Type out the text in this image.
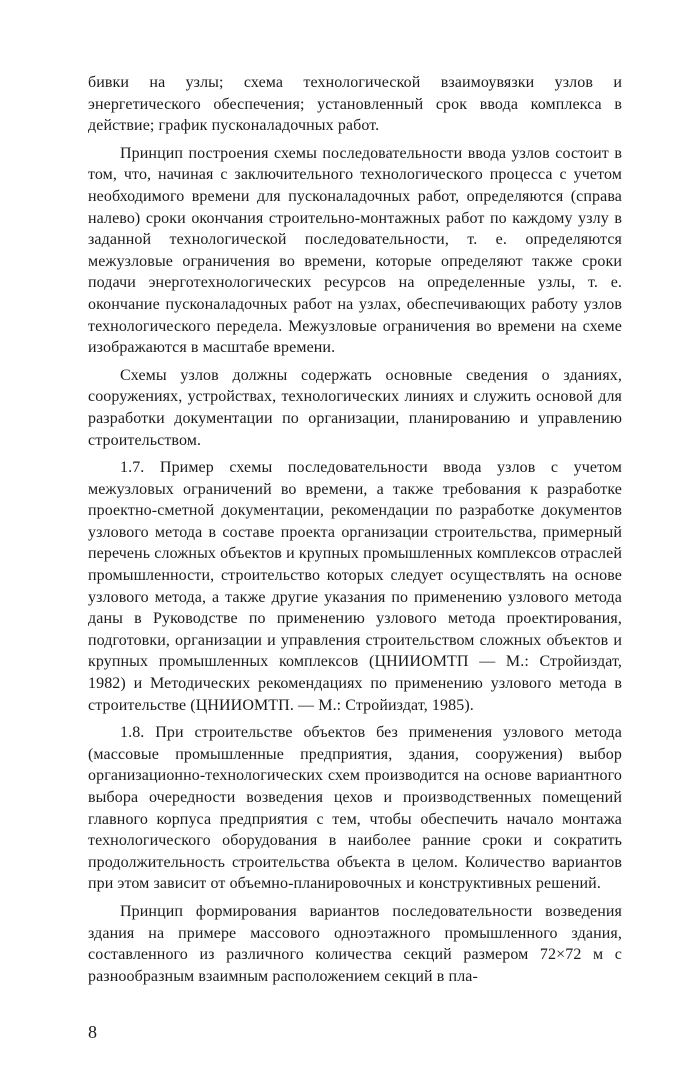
бивки на узлы; схема технологической взаимоувязки узлов и энергетического обеспечения; установленный срок ввода комплекса в действие; график пусконаладочных работ.

Принцип построения схемы последовательности ввода узлов состоит в том, что, начиная с заключительного технологического процесса с учетом необходимого времени для пусконаладочных работ, определяются (справа налево) сроки окончания строительно-монтажных работ по каждому узлу в заданной технологической последовательности, т. е. определяются межузловые ограничения во времени, которые определяют также сроки подачи энерготехнологических ресурсов на определенные узлы, т. е. окончание пусконаладочных работ на узлах, обеспечивающих работу узлов технологического передела. Межузловые ограничения во времени на схеме изображаются в масштабе времени.

Схемы узлов должны содержать основные сведения о зданиях, сооружениях, устройствах, технологических линиях и служить основой для разработки документации по организации, планированию и управлению строительством.

1.7. Пример схемы последовательности ввода узлов с учетом межузловых ограничений во времени, а также требования к разработке проектно-сметной документации, рекомендации по разработке документов узлового метода в составе проекта организации строительства, примерный перечень сложных объектов и крупных промышленных комплексов отраслей промышленности, строительство которых следует осуществлять на основе узлового метода, а также другие указания по применению узлового метода даны в Руководстве по применению узлового метода проектирования, подготовки, организации и управления строительством сложных объектов и крупных промышленных комплексов (ЦНИИОМТП — М.: Стройиздат, 1982) и Методических рекомендациях по применению узлового метода в строительстве (ЦНИИОМТП. — М.: Стройиздат, 1985).

1.8. При строительстве объектов без применения узлового метода (массовые промышленные предприятия, здания, сооружения) выбор организационно-технологических схем производится на основе вариантного выбора очередности возведения цехов и производственных помещений главного корпуса предприятия с тем, чтобы обеспечить начало монтажа технологического оборудования в наиболее ранние сроки и сократить продолжительность строительства объекта в целом. Количество вариантов при этом зависит от объемно-планировочных и конструктивных решений.

Принцип формирования вариантов последовательности возведения здания на примере массового одноэтажного промышленного здания, составленного из различного количества секций размером 72×72 м с разнообразным взаимным расположением секций в пла-

8
